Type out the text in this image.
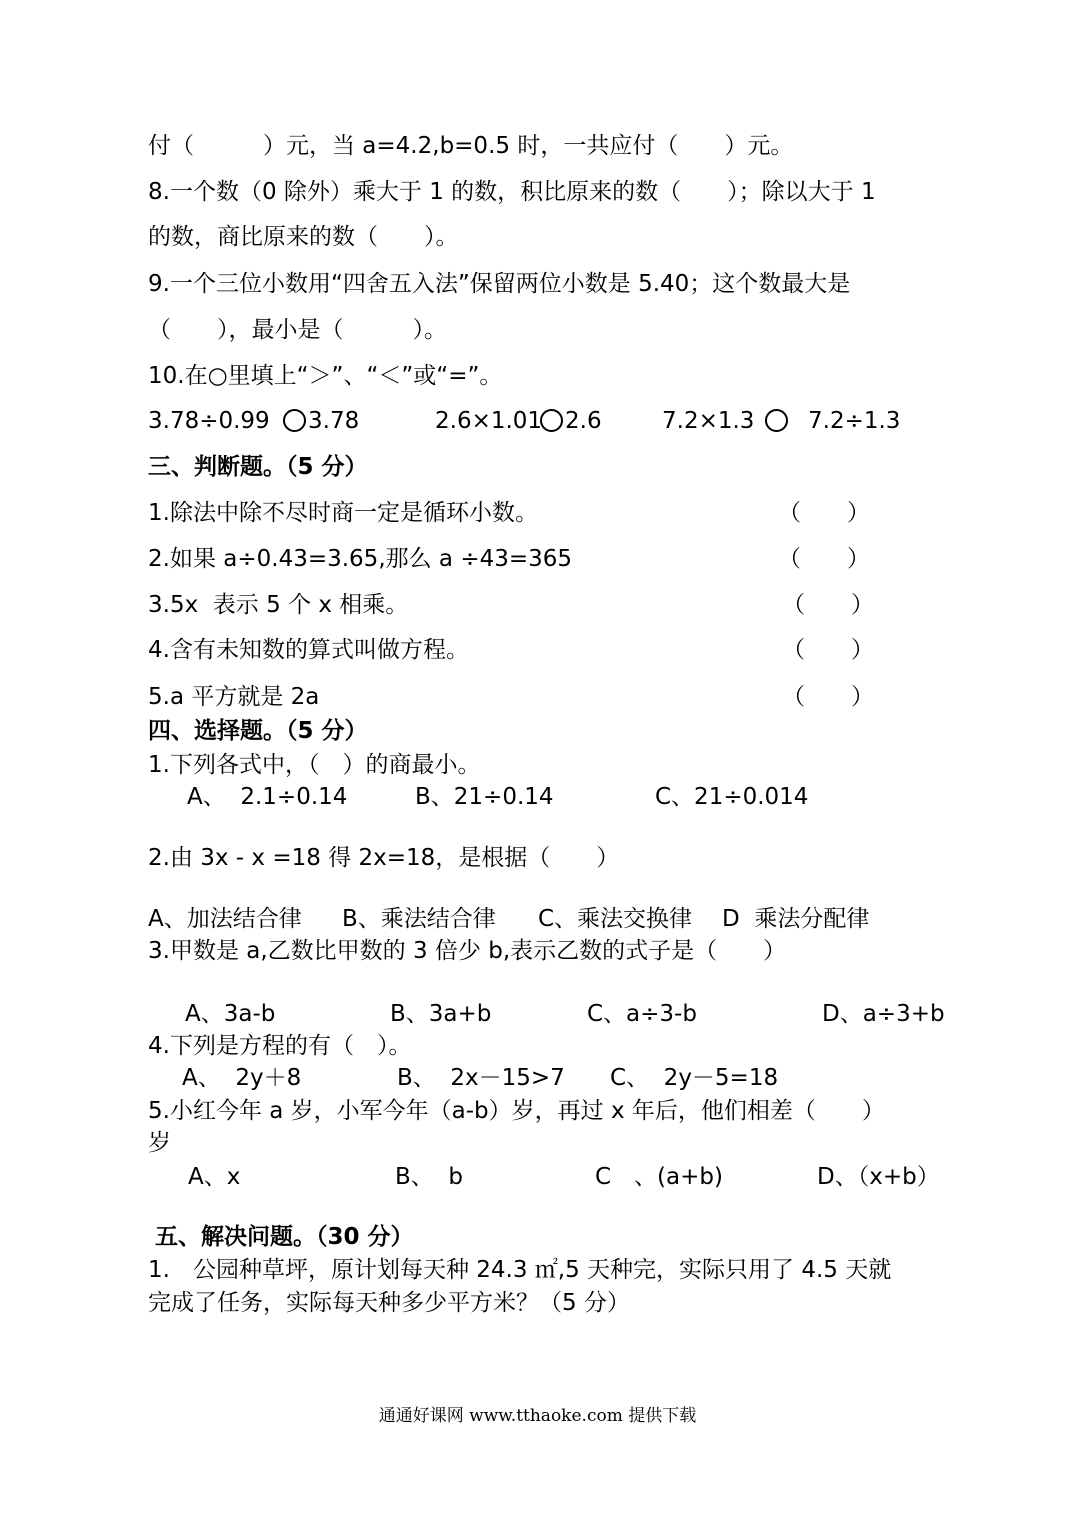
付（　　　）元，当 a=4.2,b=0.5 时，一共应付（　　）元。
8.一个数（0 除外）乘大于 1 的数，积比原来的数（　　）；除以大于 1
的数，商比原来的数（　　）。
9.一个三位小数用“四舍五入法”保留两位小数是 5.40；这个数最大是
（　　），最小是（　　　）。
10.在○里填上“＞”、“＜”或“=”。
3.78÷0.99 3.78	2.6×1.01 2.6	7.2×1.3 7.2÷1.3
三、判断题。（5 分）
1.除法中除不尽时商一定是循环小数。	（　　）
2.如果 a÷0.43=3.65,那么 a ÷43=365	（　　）
3.5x  表示 5 个 x 相乘。	（　　）
4.含有未知数的算式叫做方程。	（　　）
5.a 平方就是 2a	（　　）
四、选择题。（5 分）
1.下列各式中，（　）的商最小。
A、  2.1÷0.14	B、21÷0.14	C、21÷0.014
2.由 3x - x =18 得 2x=18，是根据（　　）
A、加法结合律 B、乘法结合律 C、乘法交换律 D  乘法分配律
3.甲数是 a,乙数比甲数的 3 倍少 b,表示乙数的式子是（　　）
A、3a-b	B、3a+b	C、a÷3-b	D、a÷3+b
4.下列是方程的有（　）。
A、  2y＋8	B、  2x－15>7 C、  2y－5=18
5.小红今年 a 岁，小军今年（a-b）岁，再过 x 年后，他们相差（　　）
岁
A、x	B、  b	C　、(a+b)	D、（x+b）
五、解决问题。（30 分）
1.　公园种草坪，原计划每天种 24.3 ㎡,5 天种完，实际只用了 4.5 天就
完成了任务，实际每天种多少平方米？（5 分）
通通好课网 www.tthaoke.com 提供下载
